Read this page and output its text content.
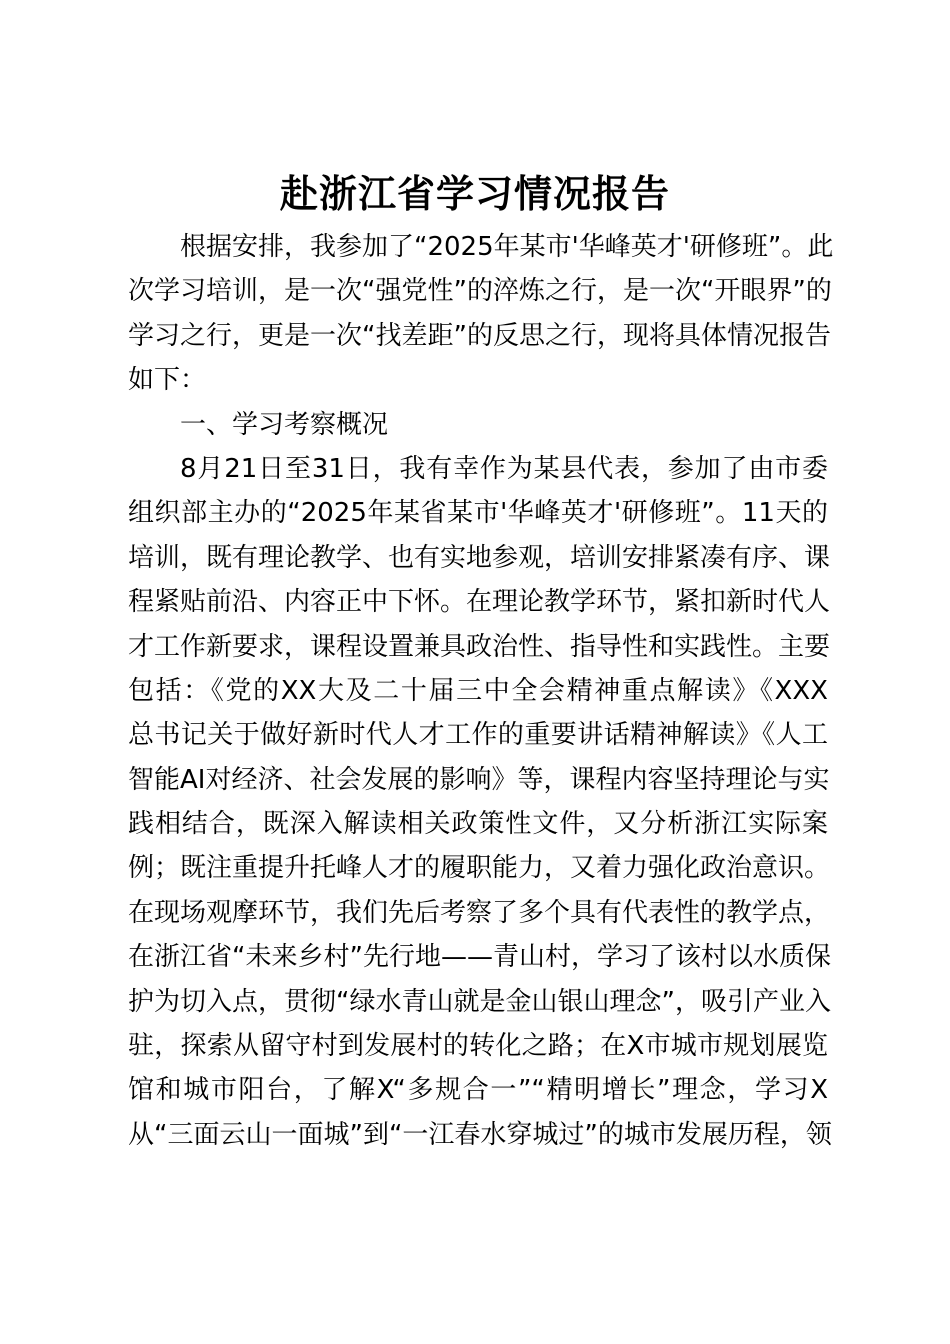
赴浙江省学习情况报告
根据安排，我参加了“2025年某市'华峰英才'研修班”。此
次学习培训，是一次“强党性”的淬炼之行，是一次“开眼界”的
学习之行，更是一次“找差距”的反思之行，现将具体情况报告
如下：
一、学习考察概况
8月21日至31日，我有幸作为某县代表，参加了由市委
组织部主办的“2025年某省某市'华峰英才'研修班”。11天的
培训，既有理论教学、也有实地参观，培训安排紧凑有序、课
程紧贴前沿、内容正中下怀。在理论教学环节，紧扣新时代人
才工作新要求，课程设置兼具政治性、指导性和实践性。主要
包括：《党的XX大及二十届三中全会精神重点解读》《XXX
总书记关于做好新时代人才工作的重要讲话精神解读》《人工
智能AI对经济、社会发展的影响》等，课程内容坚持理论与实
践相结合，既深入解读相关政策性文件，又分析浙江实际案
例；既注重提升托峰人才的履职能力，又着力强化政治意识。
在现场观摩环节，我们先后考察了多个具有代表性的教学点，
在浙江省“未来乡村”先行地——青山村，学习了该村以水质保
护为切入点，贯彻“绿水青山就是金山银山理念”，吸引产业入
驻，探索从留守村到发展村的转化之路；在X市城市规划展览
馆和城市阳台，了解X“多规合一”“精明增长”理念，学习X
从“三面云山一面城”到“一江春水穿城过”的城市发展历程，领
